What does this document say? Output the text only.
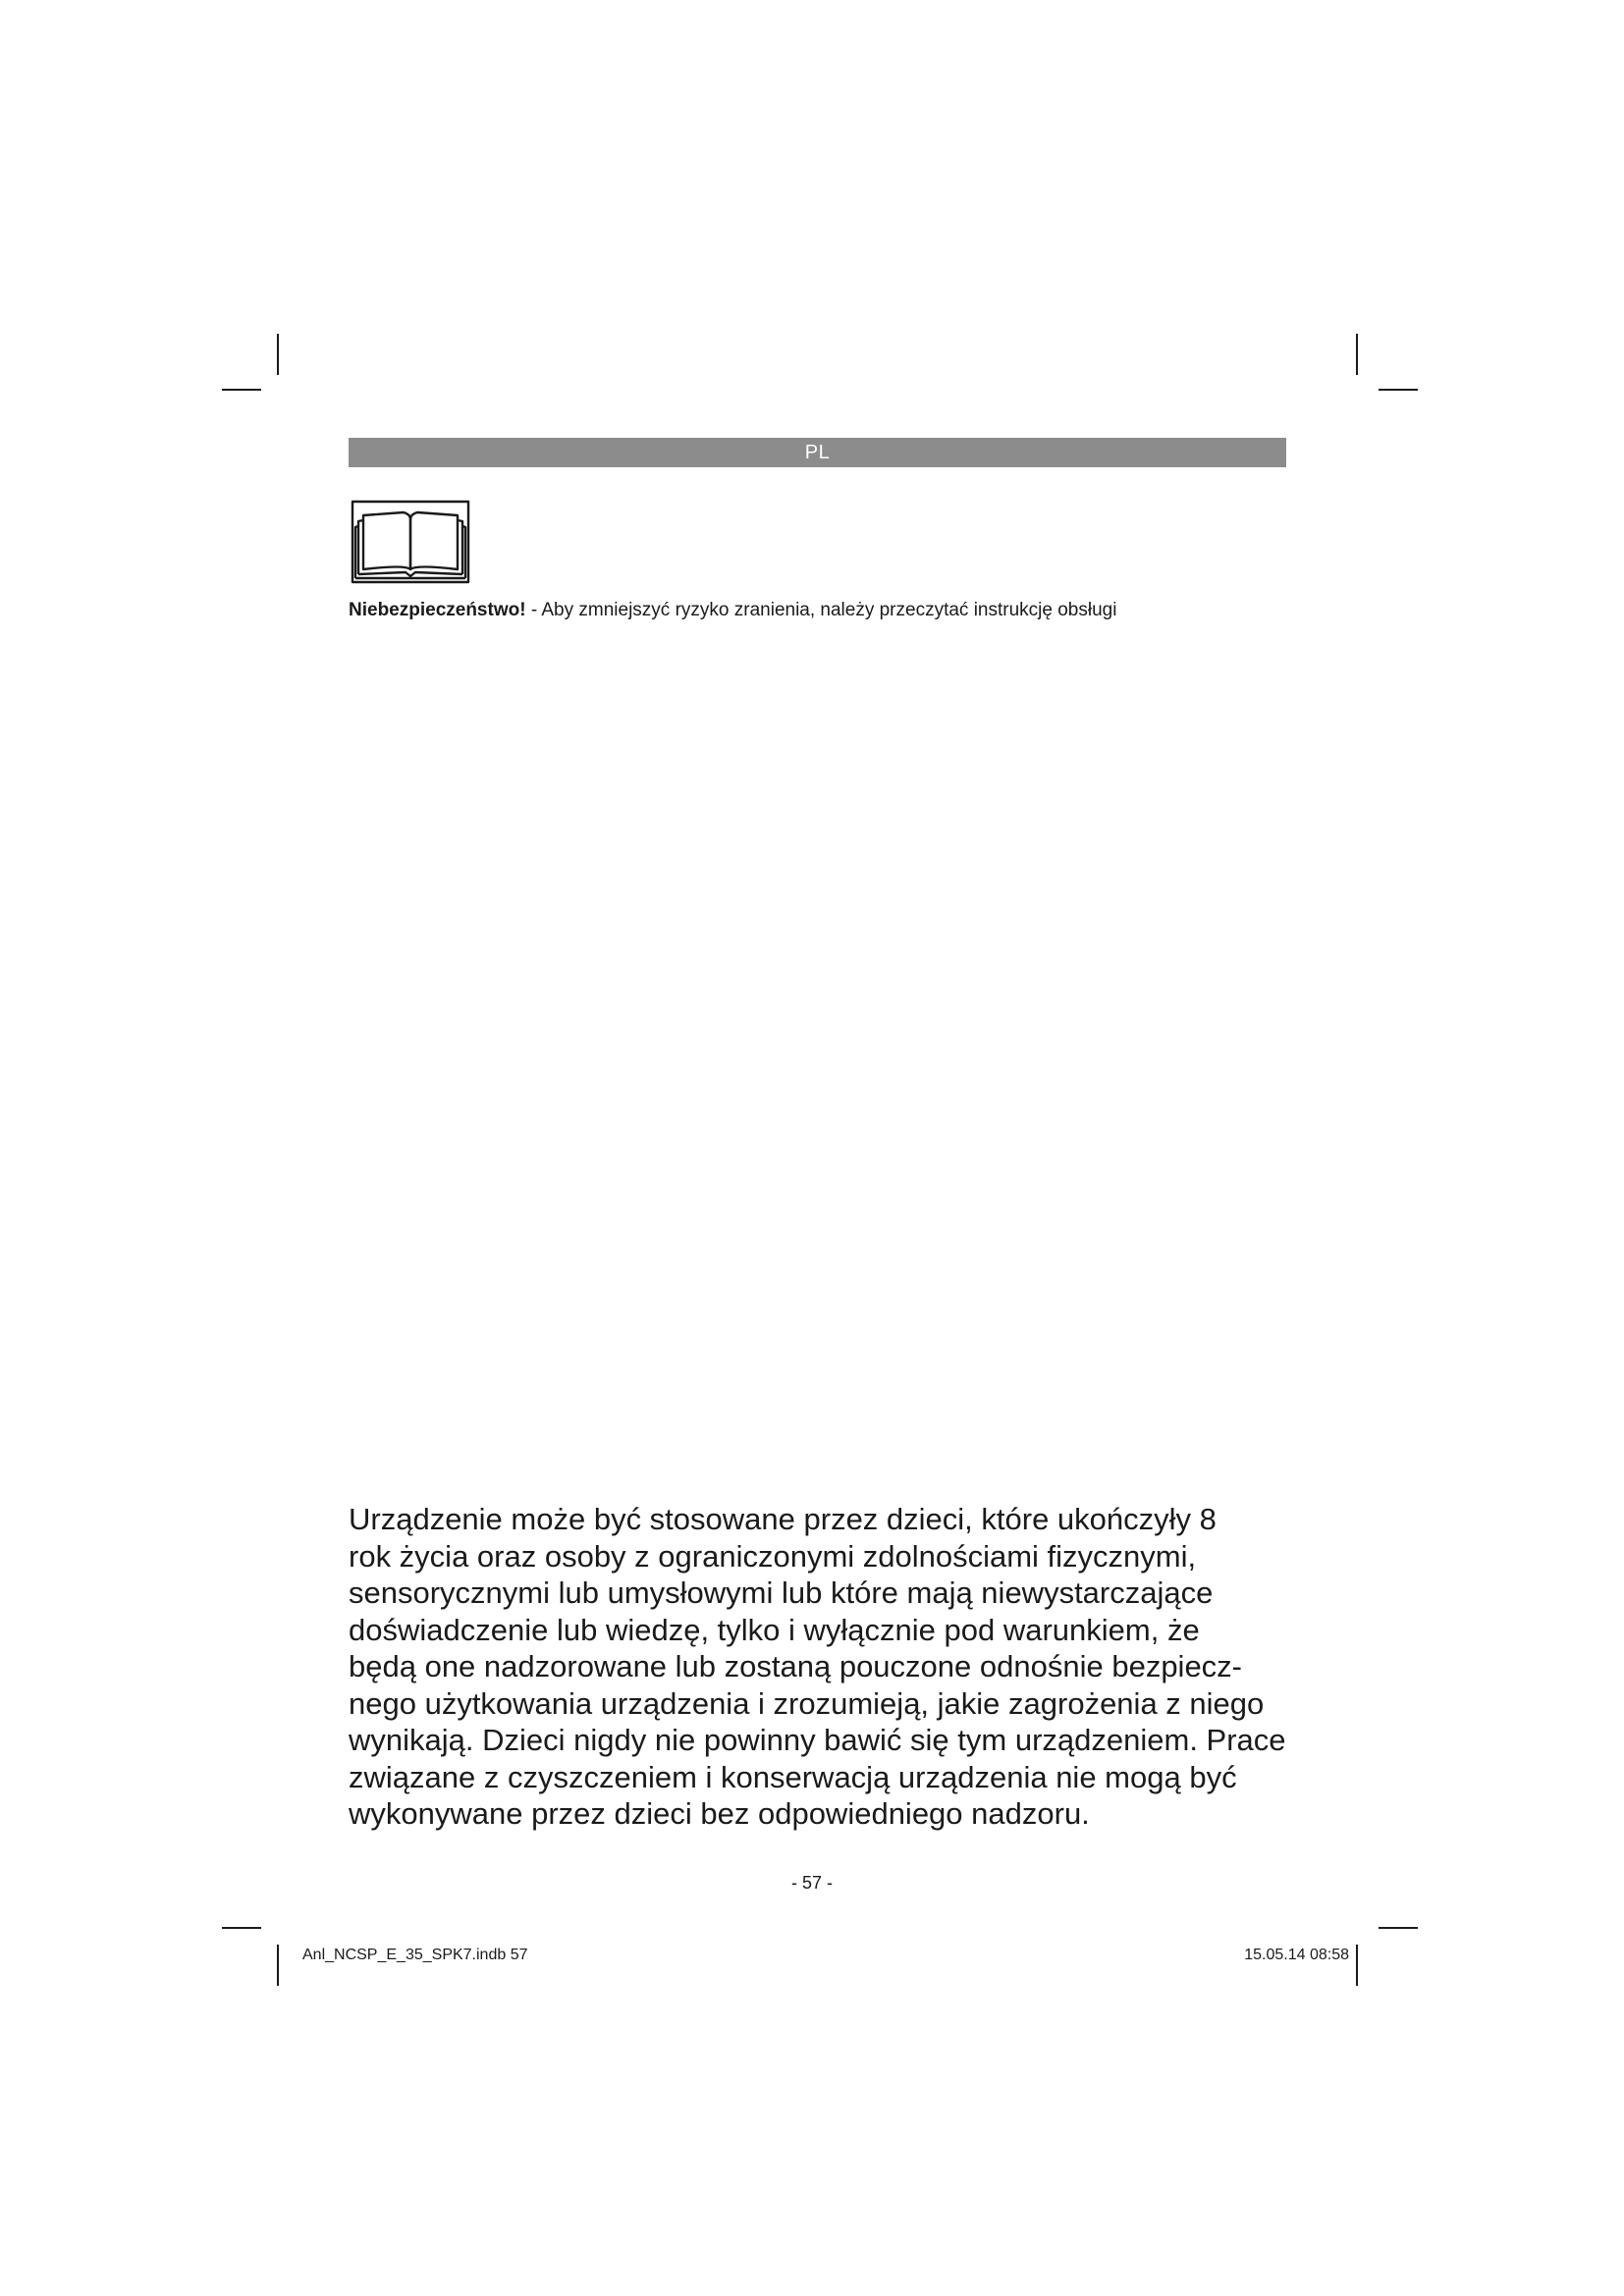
PL
Niebezpieczeństwo! - Aby zmniejszyć ryzyko zranienia, należy przeczytać instrukcję obsługi
Urządzenie może być stosowane przez dzieci, które ukończyły 8
rok życia oraz osoby z ograniczonymi zdolnościami fizycznymi,
sensorycznymi lub umysłowymi lub które mają niewystarczające
doświadczenie lub wiedzę, tylko i wyłącznie pod warunkiem, że
będą one nadzorowane lub zostaną pouczone odnośnie bezpiecz-
nego użytkowania urządzenia i zrozumieją, jakie zagrożenia z niego
wynikają. Dzieci nigdy nie powinny bawić się tym urządzeniem. Prace
związane z czyszczeniem i konserwacją urządzenia nie mogą być
wykonywane przez dzieci bez odpowiedniego nadzoru.
- 57 -
Anl_NCSP_E_35_SPK7.indb 57	15.05.14 08:58
